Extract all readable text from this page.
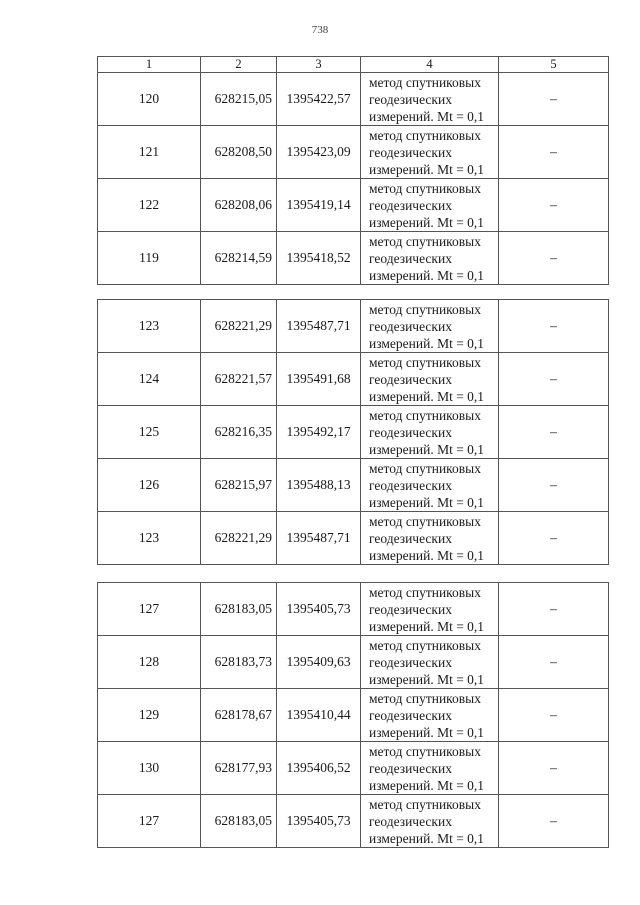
738
1	2	3	4	5
120	628215,05	1395422,57	метод спутниковых
геодезических
измерений. Mt = 0,1	–
121	628208,50	1395423,09	метод спутниковых
геодезических
измерений. Mt = 0,1	–
122	628208,06	1395419,14	метод спутниковых
геодезических
измерений. Mt = 0,1	–
119	628214,59	1395418,52	метод спутниковых
геодезических
измерений. Mt = 0,1	–

123	628221,29	1395487,71	метод спутниковых
геодезических
измерений. Mt = 0,1	–
124	628221,57	1395491,68	метод спутниковых
геодезических
измерений. Mt = 0,1	–
125	628216,35	1395492,17	метод спутниковых
геодезических
измерений. Mt = 0,1	–
126	628215,97	1395488,13	метод спутниковых
геодезических
измерений. Mt = 0,1	–
123	628221,29	1395487,71	метод спутниковых
геодезических
измерений. Mt = 0,1	–

127	628183,05	1395405,73	метод спутниковых
геодезических
измерений. Mt = 0,1	–
128	628183,73	1395409,63	метод спутниковых
геодезических
измерений. Mt = 0,1	–
129	628178,67	1395410,44	метод спутниковых
геодезических
измерений. Mt = 0,1	–
130	628177,93	1395406,52	метод спутниковых
геодезических
измерений. Mt = 0,1	–
127	628183,05	1395405,73	метод спутниковых
геодезических
измерений. Mt = 0,1	–
